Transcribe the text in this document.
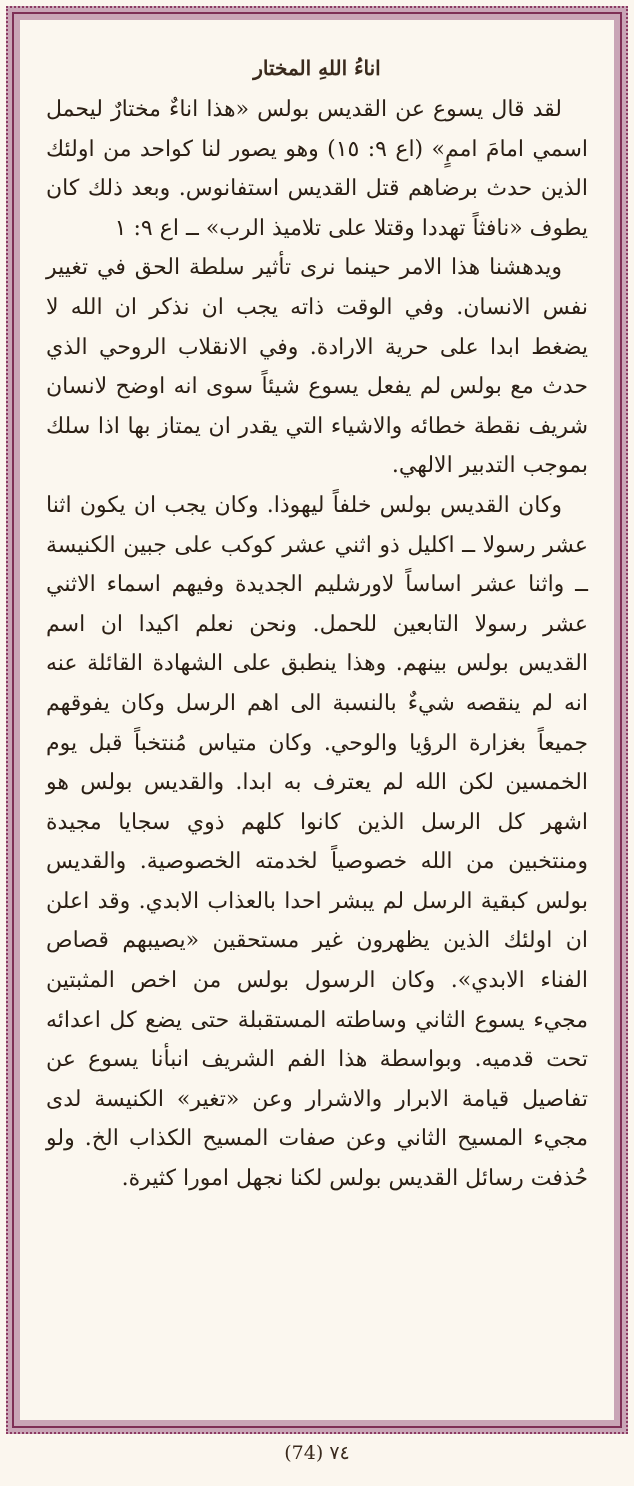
اناءُ اللهِ المختار

لقد قال يسوع عن القديس بولس «هذا اناءٌ مختارٌ ليحمل اسمي امامَ اممٍ» (اع ٩: ١٥) وهو يصور لنا كواحد من اولئك الذين حدث برضاهم قتل القديس استفانوس. وبعد ذلك كان يطوف «نافثاً تهددا وقتلا على تلاميذ الرب» ــ اع ٩: ١

ويدهشنا هذا الامر حينما نرى تأثير سلطة الحق في تغيير نفس الانسان. وفي الوقت ذاته يجب ان نذكر ان الله لا يضغط ابدا على حرية الارادة. وفي الانقلاب الروحي الذي حدث مع بولس لم يفعل يسوع شيئاً سوى انه اوضح لانسان شريف نقطة خطائه والاشياء التي يقدر ان يمتاز بها اذا سلك بموجب التدبير الالهي.

وكان القديس بولس خلفاً ليهوذا. وكان يجب ان يكون اثنا عشر رسولا ــ اكليل ذو اثني عشر كوكب على جبين الكنيسة ــ واثنا عشر اساساً لاورشليم الجديدة وفيهم اسماء الاثني عشر رسولا التابعين للحمل. ونحن نعلم اكيدا ان اسم القديس بولس بينهم. وهذا ينطبق على الشهادة القائلة عنه انه لم ينقصه شيءٌ بالنسبة الى اهم الرسل وكان يفوقهم جميعاً بغزارة الرؤيا والوحي. وكان متياس مُنتخباً قبل يوم الخمسين لكن الله لم يعترف به ابدا. والقديس بولس هو اشهر كل الرسل الذين كانوا كلهم ذوي سجايا مجيدة ومنتخبين من الله خصوصياً لخدمته الخصوصية. والقديس بولس كبقية الرسل لم يبشر احدا بالعذاب الابدي. وقد اعلن ان اولئك الذين يظهرون غير مستحقين «يصيبهم قصاص الفناء الابدي». وكان الرسول بولس من اخص المثبتين مجيء يسوع الثاني وساطته المستقبلة حتى يضع كل اعدائه تحت قدميه. وبواسطة هذا الفم الشريف انبأنا يسوع عن تفاصيل قيامة الابرار والاشرار وعن «تغير» الكنيسة لدى مجيء المسيح الثاني وعن صفات المسيح الكذاب الخ. ولو حُذفت رسائل القديس بولس لكنا نجهل امورا كثيرة.

(74) ٧٤
